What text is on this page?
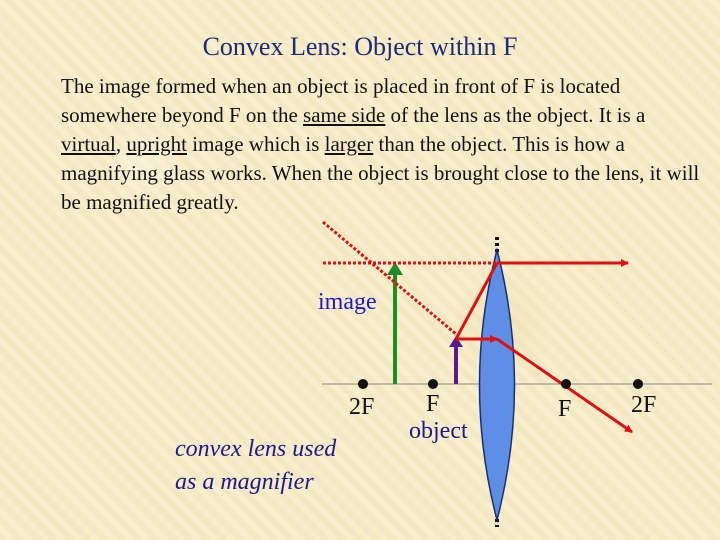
Convex Lens: Object within F
The image formed when an object is placed in front of F is located somewhere beyond F on the same side of the lens as the object. It is a virtual, upright image which is larger than the object. This is how a magnifying glass works. When the object is brought close to the lens, it will be magnified greatly.
image
2F F
object
F 2F
convex lens used
as a magnifier
